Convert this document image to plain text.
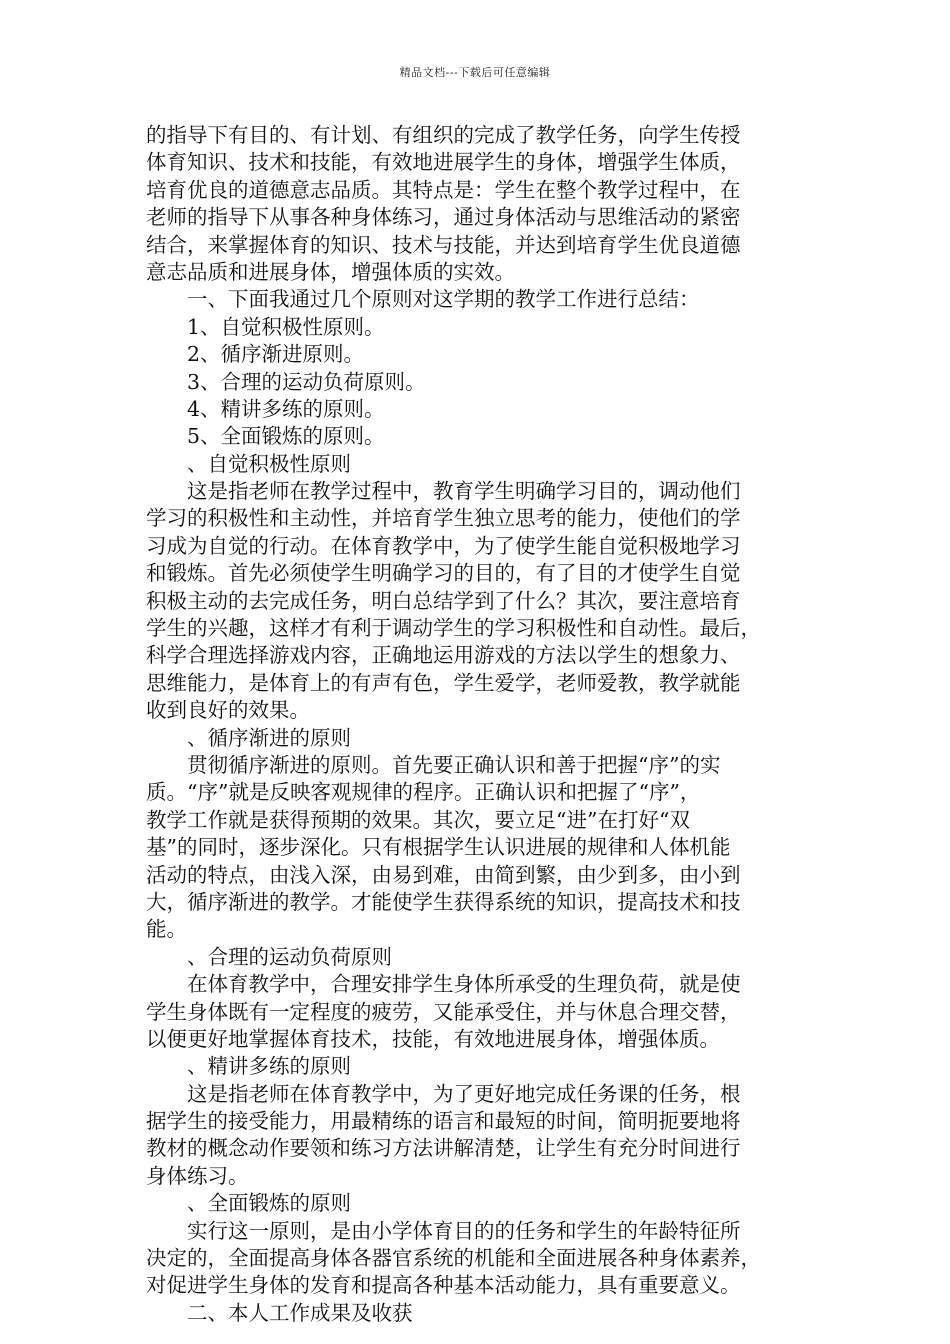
精品文档---下载后可任意编辑
的指导下有目的、有计划、有组织的完成了教学任务，向学生传授
体育知识、技术和技能，有效地进展学生的身体，增强学生体质，
培育优良的道德意志品质。其特点是：学生在整个教学过程中，在
老师的指导下从事各种身体练习，通过身体活动与思维活动的紧密
结合，来掌握体育的知识、技术与技能，并达到培育学生优良道德
意志品质和进展身体，增强体质的实效。
一、下面我通过几个原则对这学期的教学工作进行总结：
1、自觉积极性原则。
2、循序渐进原则。
3、合理的运动负荷原则。
4、精讲多练的原则。
5、全面锻炼的原则。
、自觉积极性原则
这是指老师在教学过程中，教育学生明确学习目的，调动他们
学习的积极性和主动性，并培育学生独立思考的能力，使他们的学
习成为自觉的行动。在体育教学中，为了使学生能自觉积极地学习
和锻炼。首先必须使学生明确学习的目的，有了目的才使学生自觉
积极主动的去完成任务，明白总结学到了什么？其次，要注意培育
学生的兴趣，这样才有利于调动学生的学习积极性和自动性。最后，
科学合理选择游戏内容，正确地运用游戏的方法以学生的想象力、
思维能力，是体育上的有声有色，学生爱学，老师爱教，教学就能
收到良好的效果。
、循序渐进的原则
贯彻循序渐进的原则。首先要正确认识和善于把握“序”的实
质。“序”就是反映客观规律的程序。正确认识和把握了“序”，
教学工作就是获得预期的效果。其次，要立足“进”在打好“双
基”的同时，逐步深化。只有根据学生认识进展的规律和人体机能
活动的特点，由浅入深，由易到难，由简到繁，由少到多，由小到
大，循序渐进的教学。才能使学生获得系统的知识，提高技术和技
能。
、合理的运动负荷原则
在体育教学中，合理安排学生身体所承受的生理负荷，就是使
学生身体既有一定程度的疲劳，又能承受住，并与休息合理交替，
以便更好地掌握体育技术，技能，有效地进展身体，增强体质。
、精讲多练的原则
这是指老师在体育教学中，为了更好地完成任务课的任务，根
据学生的接受能力，用最精练的语言和最短的时间，简明扼要地将
教材的概念动作要领和练习方法讲解清楚，让学生有充分时间进行
身体练习。
、全面锻炼的原则
实行这一原则，是由小学体育目的的任务和学生的年龄特征所
决定的，全面提高身体各器官系统的机能和全面进展各种身体素养，
对促进学生身体的发育和提高各种基本活动能力，具有重要意义。
二、本人工作成果及收获
